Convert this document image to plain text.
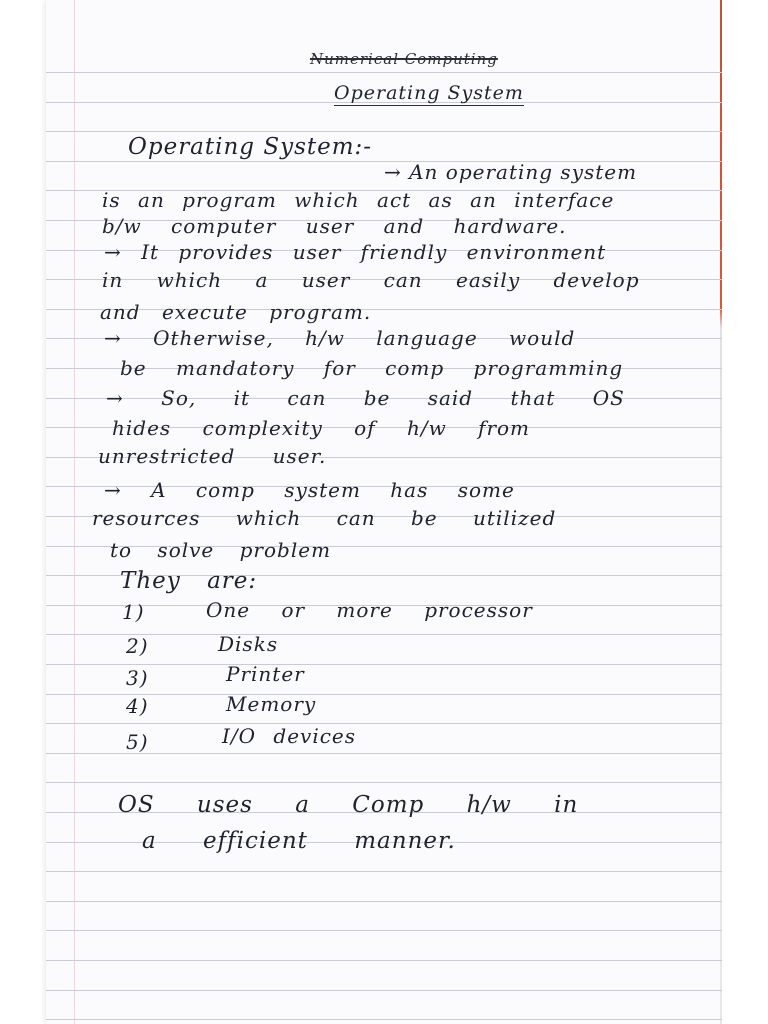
Numerical Computing
Operating System
Operating System:-
→ An operating system
is an program which act as an interface
b/w computer user and hardware.
→ It provides user friendly environment
in which a user can easily develop
and execute program.
→ Otherwise, h/w language would
be mandatory for comp programming
→ So, it can be said that OS
hides complexity of h/w from
unrestricted user.
→ A comp system has some
resources which can be utilized
to solve problem
They are:
1)	One or more processor
2)	Disks
3)	Printer
4)	Memory
5)	I/O devices
OS uses a Comp h/w in
a efficient manner.
